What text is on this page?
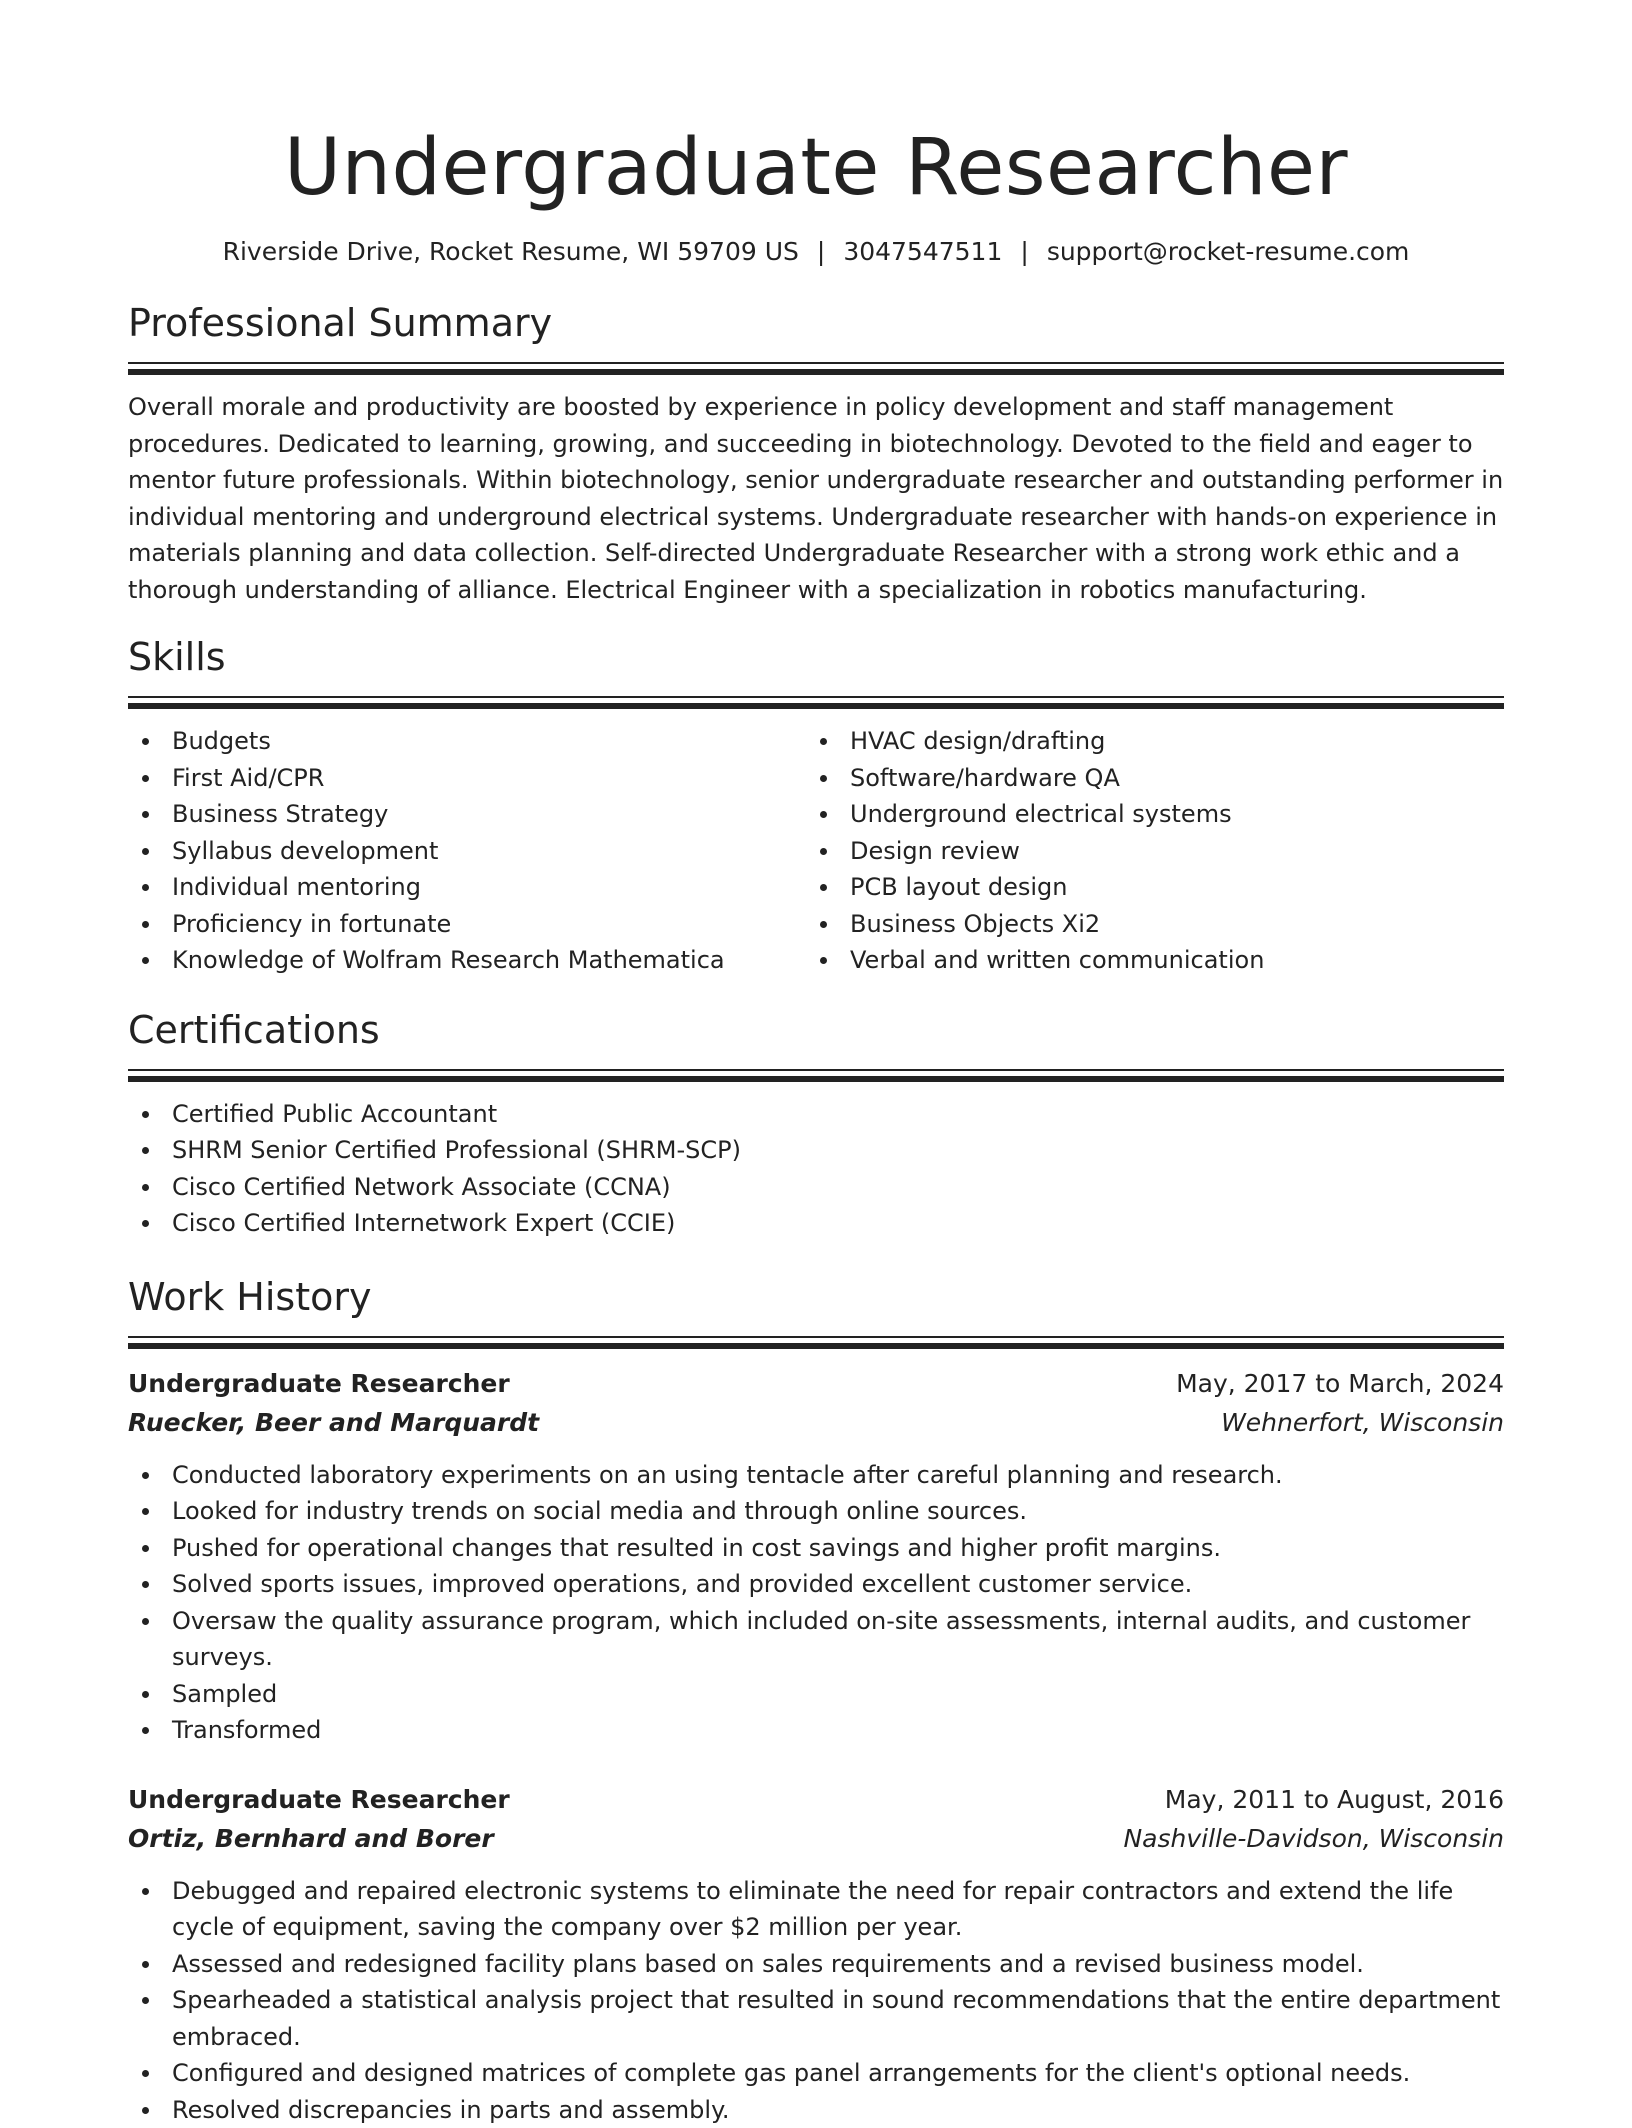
Undergraduate Researcher
Riverside Drive, Rocket Resume, WI 59709 US | 3047547511 | support@rocket-resume.com
Professional Summary
Overall morale and productivity are boosted by experience in policy development and staff management procedures. Dedicated to learning, growing, and succeeding in biotechnology. Devoted to the field and eager to mentor future professionals. Within biotechnology, senior undergraduate researcher and outstanding performer in individual mentoring and underground electrical systems. Undergraduate researcher with hands-on experience in materials planning and data collection. Self-directed Undergraduate Researcher with a strong work ethic and a thorough understanding of alliance. Electrical Engineer with a specialization in robotics manufacturing.
Skills
Budgets
First Aid/CPR
Business Strategy
Syllabus development
Individual mentoring
Proficiency in fortunate
Knowledge of Wolfram Research Mathematica
HVAC design/drafting
Software/hardware QA
Underground electrical systems
Design review
PCB layout design
Business Objects Xi2
Verbal and written communication
Certifications
Certified Public Accountant
SHRM Senior Certified Professional (SHRM-SCP)
Cisco Certified Network Associate (CCNA)
Cisco Certified Internetwork Expert (CCIE)
Work History
Undergraduate Researcher	May, 2017 to March, 2024
Ruecker, Beer and Marquardt	Wehnerfort, Wisconsin
Conducted laboratory experiments on an using tentacle after careful planning and research.
Looked for industry trends on social media and through online sources.
Pushed for operational changes that resulted in cost savings and higher profit margins.
Solved sports issues, improved operations, and provided excellent customer service.
Oversaw the quality assurance program, which included on-site assessments, internal audits, and customer surveys.
Sampled
Transformed
Undergraduate Researcher	May, 2011 to August, 2016
Ortiz, Bernhard and Borer	Nashville-Davidson, Wisconsin
Debugged and repaired electronic systems to eliminate the need for repair contractors and extend the life cycle of equipment, saving the company over $2 million per year.
Assessed and redesigned facility plans based on sales requirements and a revised business model.
Spearheaded a statistical analysis project that resulted in sound recommendations that the entire department embraced.
Configured and designed matrices of complete gas panel arrangements for the client's optional needs.
Resolved discrepancies in parts and assembly.
